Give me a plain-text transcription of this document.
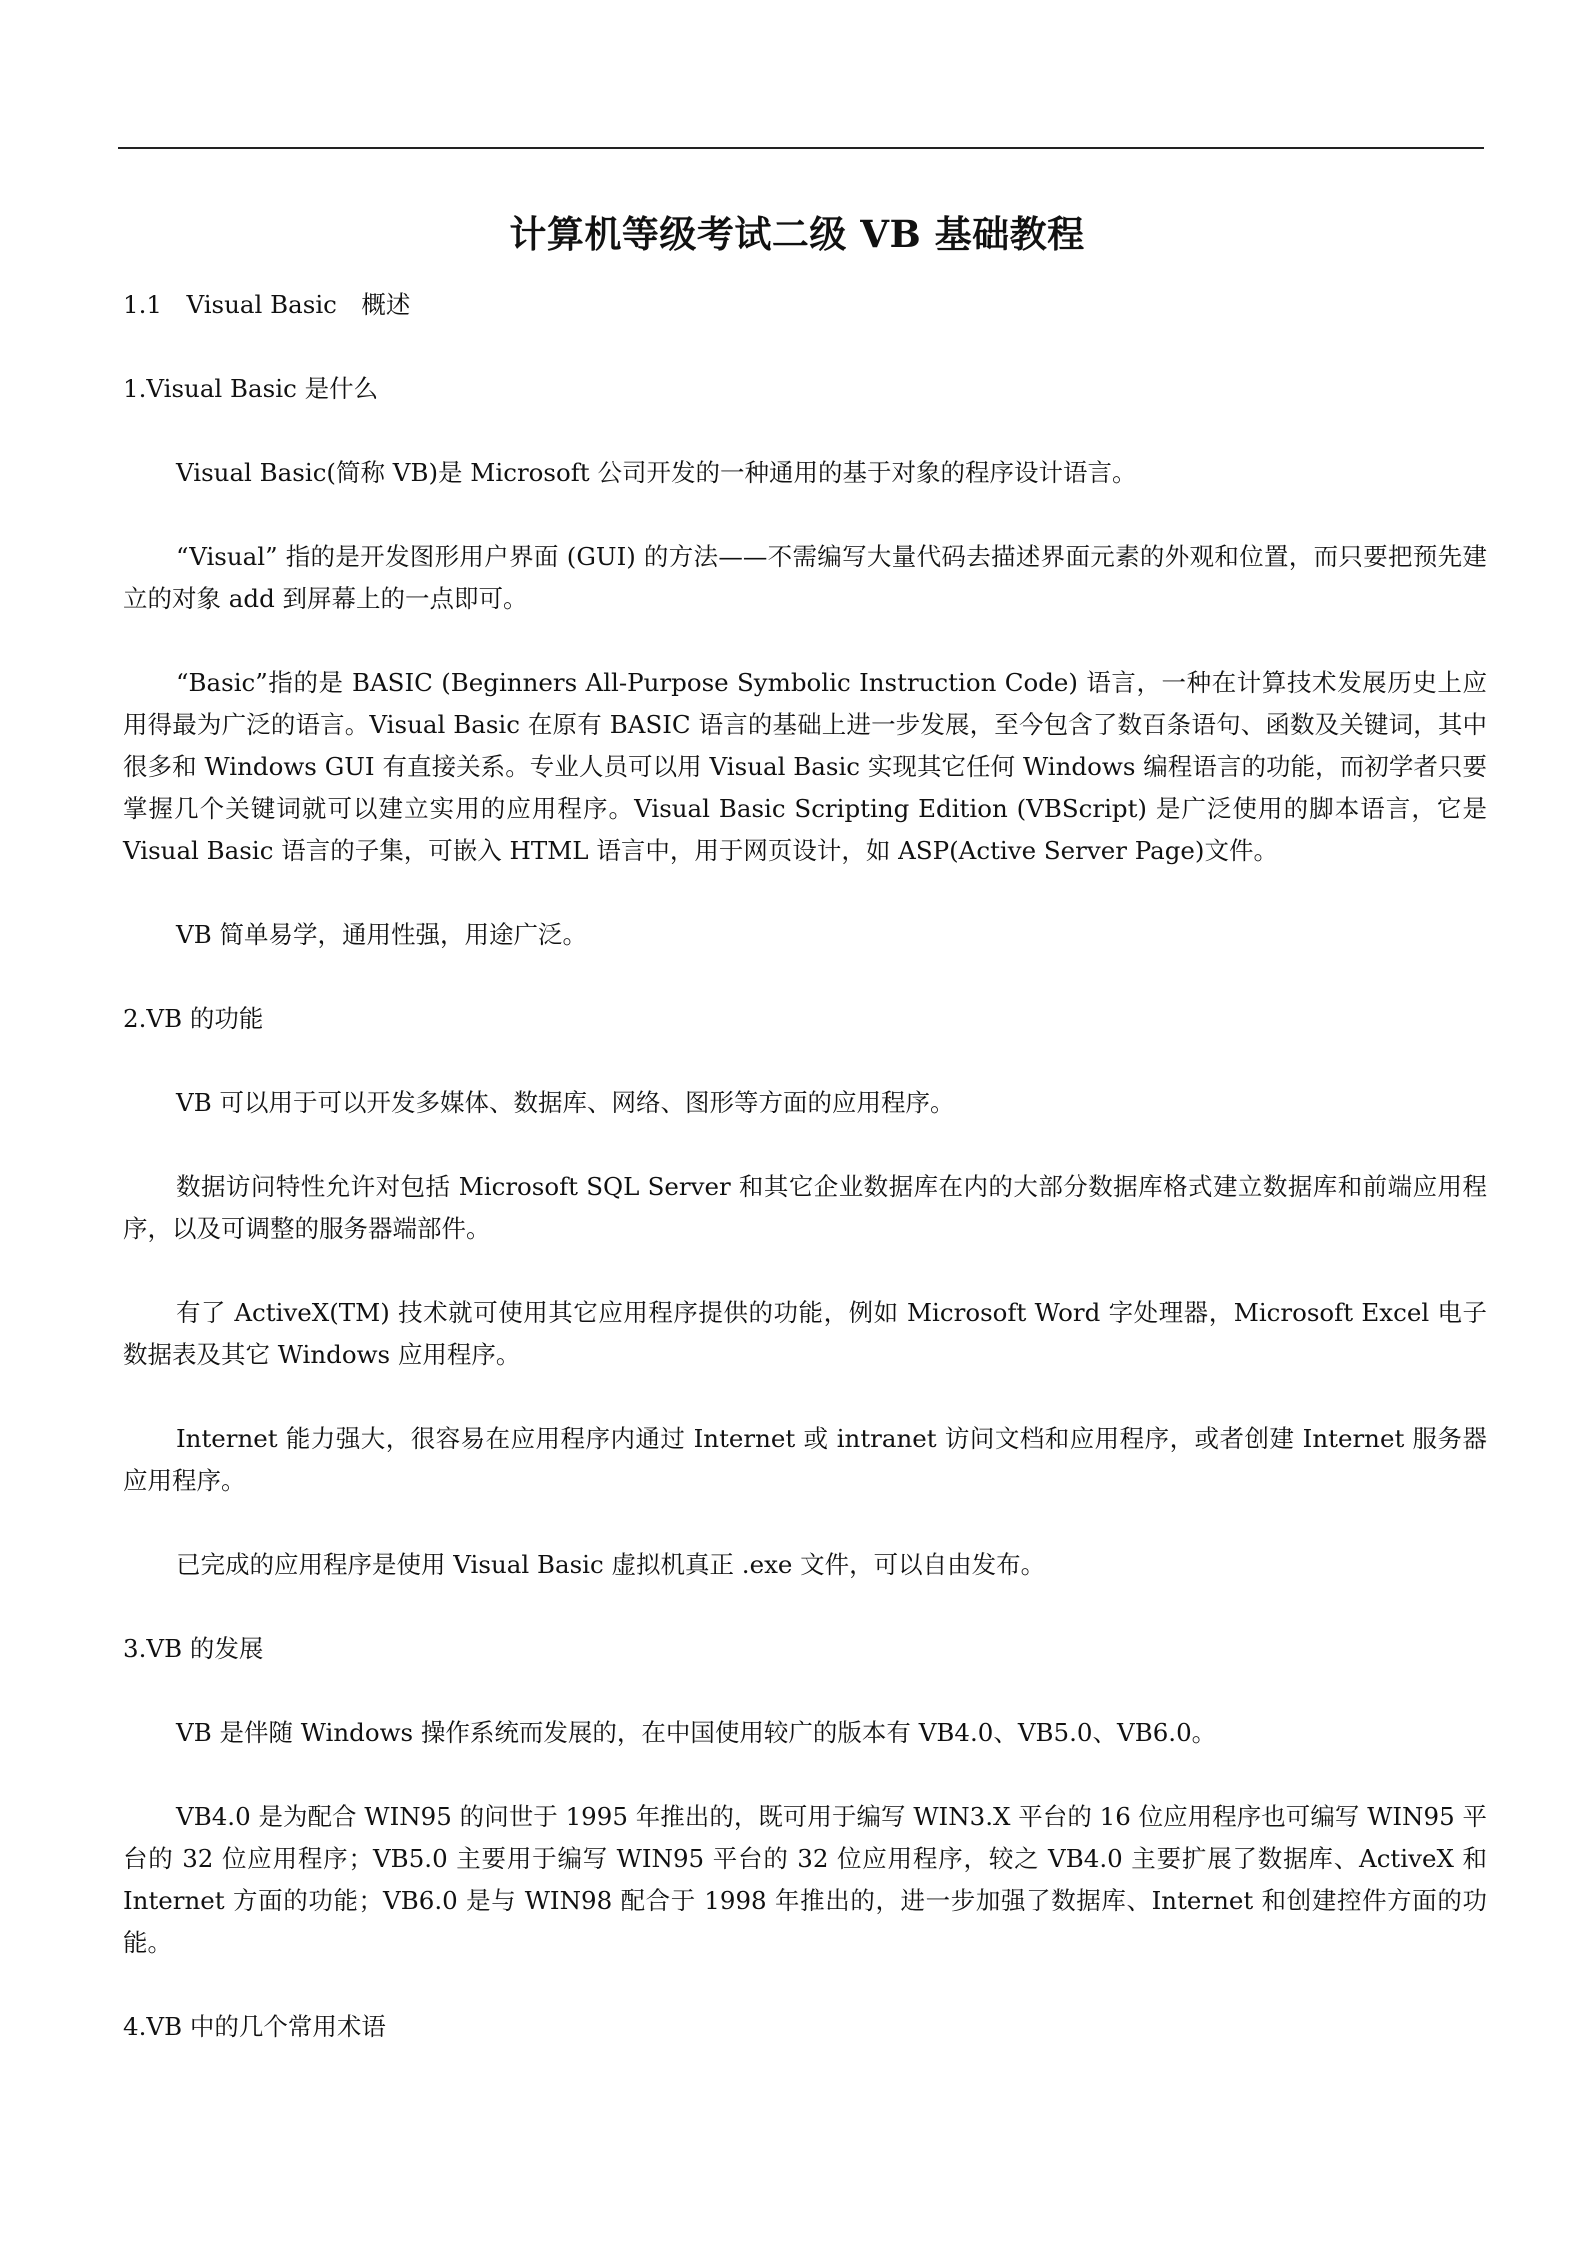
计算机等级考试二级 VB 基础教程
1.1　Visual Basic　概述
1.Visual Basic 是什么
Visual Basic(简称 VB)是 Microsoft 公司开发的一种通用的基于对象的程序设计语言。
“Visual” 指的是开发图形用户界面 (GUI) 的方法——不需编写大量代码去描述界面元素的外观和位置，而只要把预先建立的对象 add 到屏幕上的一点即可。
“Basic”指的是 BASIC (Beginners All-Purpose Symbolic Instruction Code) 语言，一种在计算技术发展历史上应用得最为广泛的语言。Visual Basic 在原有 BASIC 语言的基础上进一步发展，至今包含了数百条语句、函数及关键词，其中很多和 Windows GUI 有直接关系。专业人员可以用 Visual Basic 实现其它任何 Windows 编程语言的功能，而初学者只要掌握几个关键词就可以建立实用的应用程序。Visual Basic Scripting Edition (VBScript) 是广泛使用的脚本语言，它是 Visual Basic 语言的子集，可嵌入 HTML 语言中，用于网页设计，如 ASP(Active Server Page)文件。
VB 简单易学，通用性强，用途广泛。
2.VB 的功能
VB 可以用于可以开发多媒体、数据库、网络、图形等方面的应用程序。
数据访问特性允许对包括 Microsoft SQL Server 和其它企业数据库在内的大部分数据库格式建立数据库和前端应用程序，以及可调整的服务器端部件。
有了 ActiveX(TM) 技术就可使用其它应用程序提供的功能，例如 Microsoft Word 字处理器，Microsoft Excel 电子数据表及其它 Windows 应用程序。
Internet 能力强大，很容易在应用程序内通过 Internet 或 intranet 访问文档和应用程序，或者创建 Internet 服务器应用程序。
已完成的应用程序是使用 Visual Basic 虚拟机真正 .exe 文件，可以自由发布。
3.VB 的发展
VB 是伴随 Windows 操作系统而发展的，在中国使用较广的版本有 VB4.0、VB5.0、VB6.0。
VB4.0 是为配合 WIN95 的问世于 1995 年推出的，既可用于编写 WIN3.X 平台的 16 位应用程序也可编写 WIN95 平台的 32 位应用程序；VB5.0 主要用于编写 WIN95 平台的 32 位应用程序，较之 VB4.0 主要扩展了数据库、ActiveX 和 Internet 方面的功能；VB6.0 是与 WIN98 配合于 1998 年推出的，进一步加强了数据库、Internet 和创建控件方面的功能。
4.VB 中的几个常用术语
